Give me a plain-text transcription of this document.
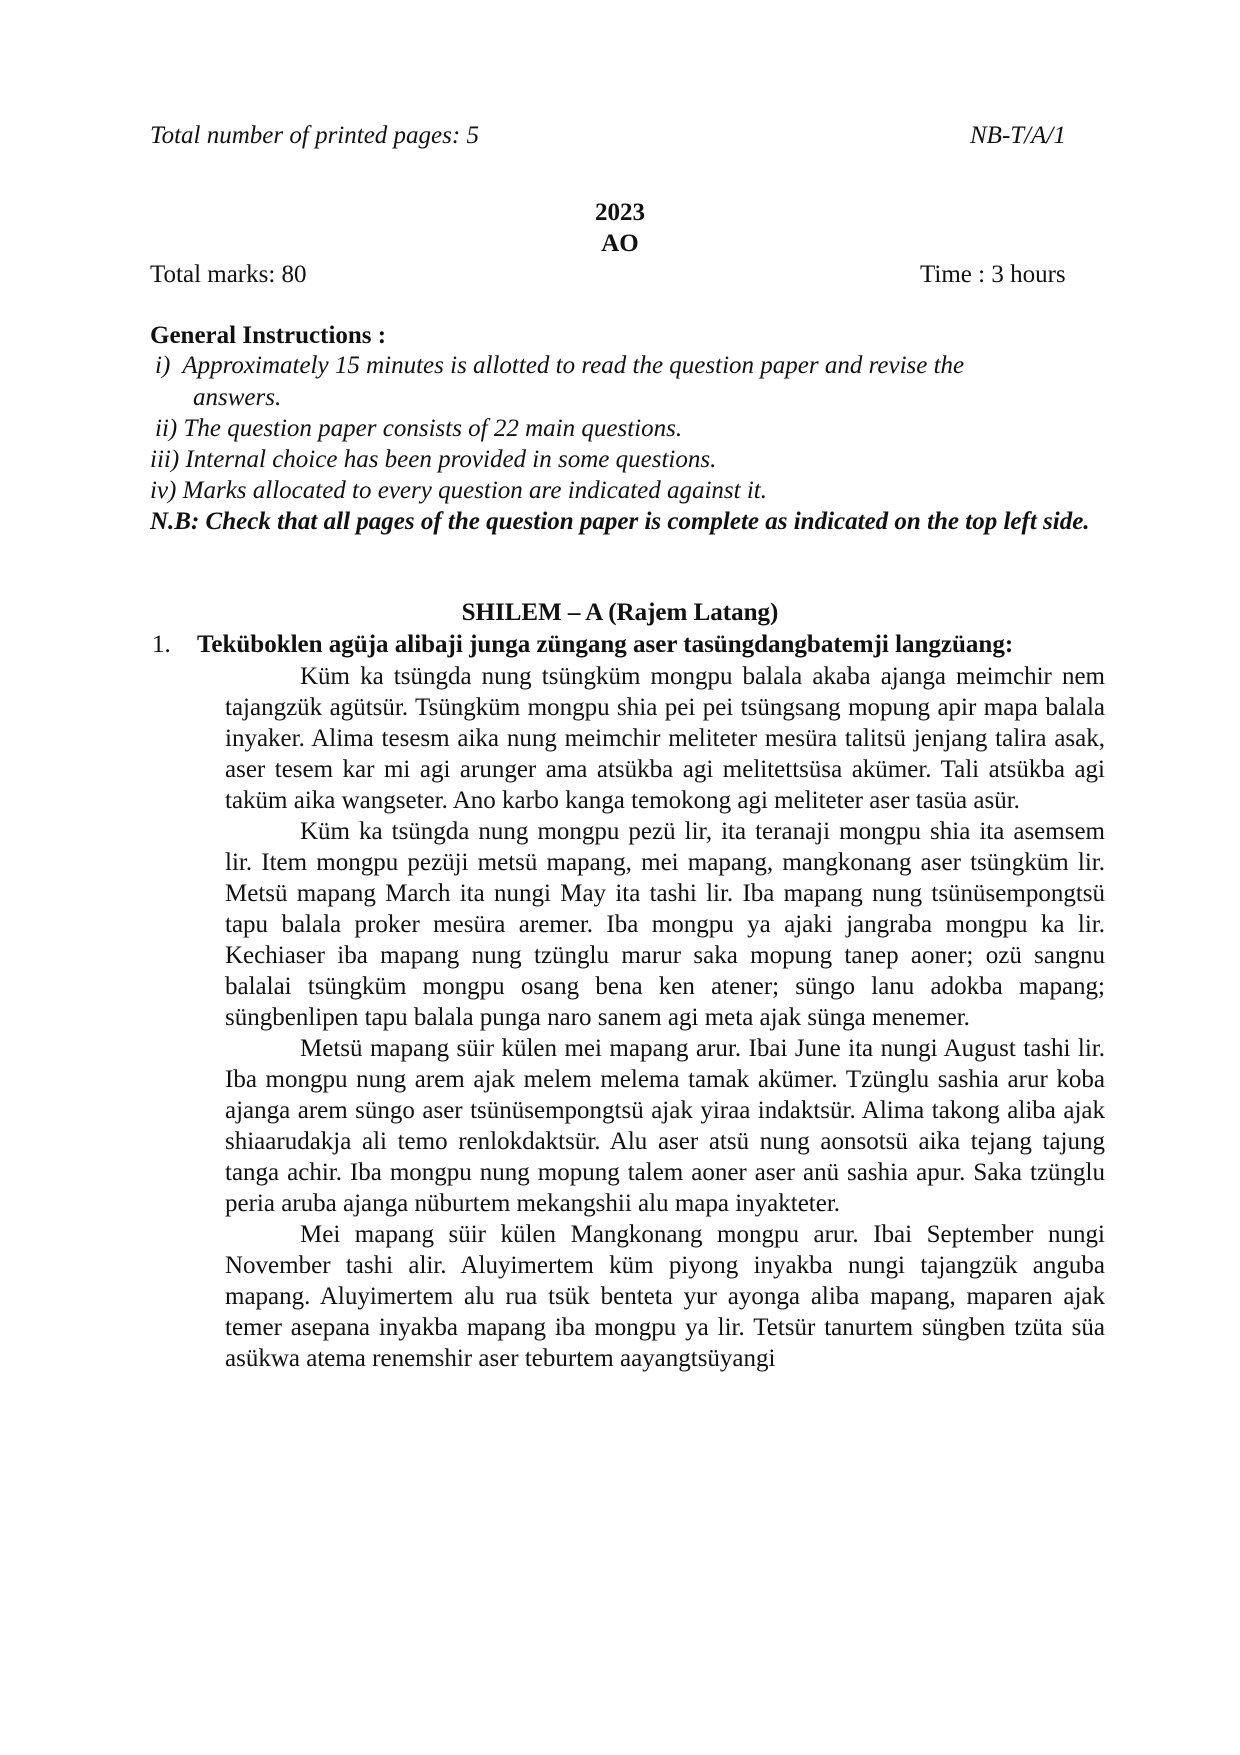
Total number of printed pages: 5	NB-T/A/1
2023
AO
Total marks: 80	Time : 3 hours
General Instructions :
i) Approximately 15 minutes is allotted to read the question paper and revise the
answers.
ii) The question paper consists of 22 main questions.
iii) Internal choice has been provided in some questions.
iv) Marks allocated to every question are indicated against it.
N.B: Check that all pages of the question paper is complete as indicated on the top left side.
SHILEM – A (Rajem Latang)
1. Teküboklen agüja alibaji junga züngang aser tasüngdangbatemji langzüang:

Küm ka tsüngda nung tsüngküm mongpu balala akaba ajanga meimchir nem tajangzük agütsür. Tsüngküm mongpu shia pei pei tsüngsang mopung apir mapa balala inyaker. Alima tesesm aika nung meimchir meliteter mesüra talitsü jenjang talira asak, aser tesem kar mi agi arunger ama atsükba agi melitettsüsa akümer. Tali atsükba agi taküm aika wangseter. Ano karbo kanga temokong agi meliteter aser tasüa asür.

Küm ka tsüngda nung mongpu pezü lir, ita teranaji mongpu shia ita asemsem lir. Item mongpu pezüji metsü mapang, mei mapang, mangkonang aser tsüngküm lir. Metsü mapang March ita nungi May ita tashi lir. Iba mapang nung tsünüsempongtsü tapu balala proker mesüra aremer. Iba mongpu ya ajaki jangraba mongpu ka lir. Kechiaser iba mapang nung tzünglu marur saka mopung tanep aoner; ozü sangnu balalai tsüngküm mongpu osang bena ken atener; süngo lanu adokba mapang; süngbenlipen tapu balala punga naro sanem agi meta ajak sünga menemer.

Metsü mapang süir külen mei mapang arur. Ibai June ita nungi August tashi lir. Iba mongpu nung arem ajak melem melema tamak akümer. Tzünglu sashia arur koba ajanga arem süngo aser tsünüsempongtsü ajak yiraa indaktsür. Alima takong aliba ajak shiaarudakja ali temo renlokdaktsür. Alu aser atsü nung aonsotsü aika tejang tajung tanga achir. Iba mongpu nung mopung talem aoner aser anü sashia apur. Saka tzünglu peria aruba ajanga nüburtem mekangshii alu mapa inyakteter.

Mei mapang süir külen Mangkonang mongpu arur. Ibai September nungi November tashi alir. Aluyimertem küm piyong inyakba nungi tajangzük anguba mapang. Aluyimertem alu rua tsük benteta yur ayonga aliba mapang, maparen ajak temer asepana inyakba mapang iba mongpu ya lir. Tetsür tanurtem süngben tzüta süa asükwa atema renemshir aser teburtem aayangtsüyangi
